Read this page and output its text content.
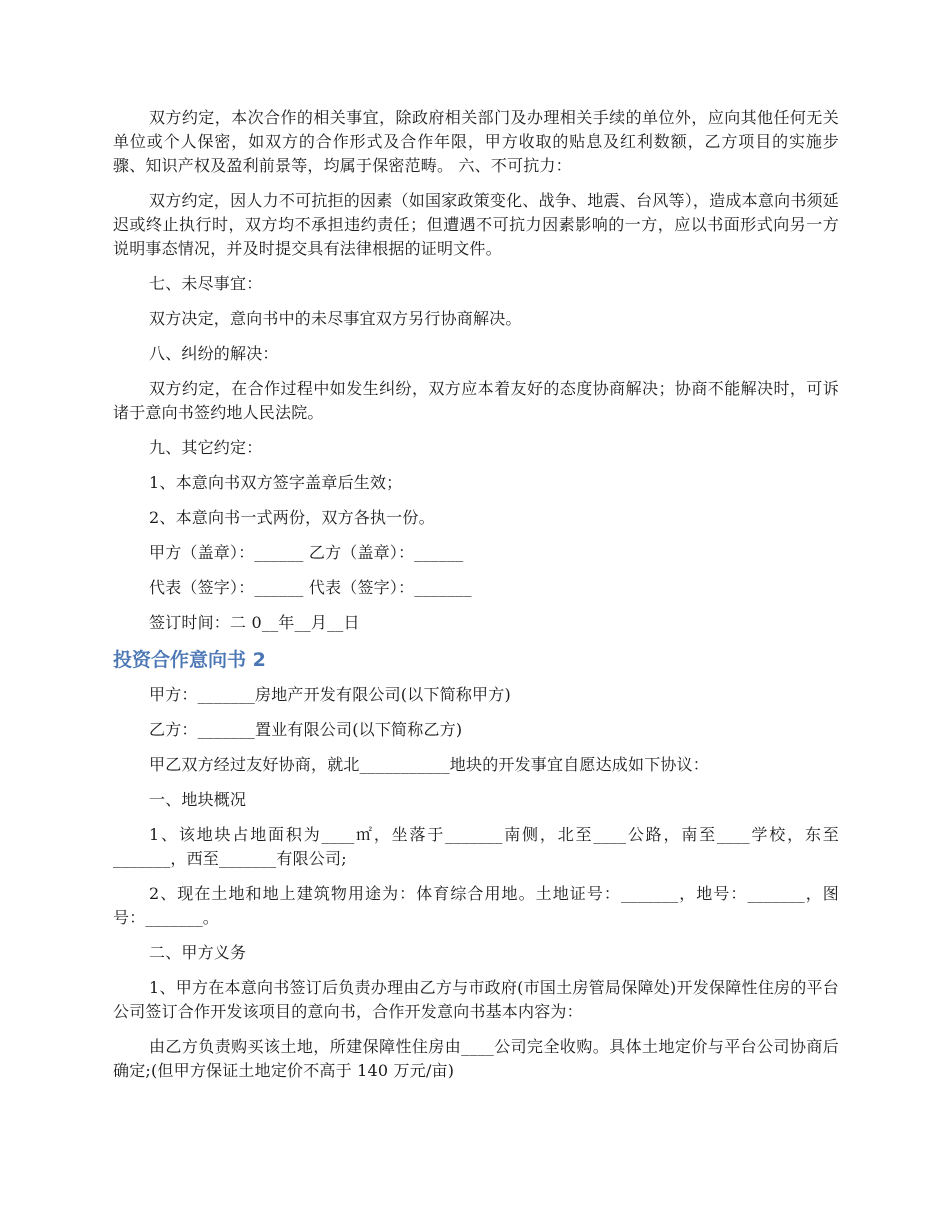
双方约定，本次合作的相关事宜，除政府相关部门及办理相关手续的单位外，应向其他任何无关单位或个人保密，如双方的合作形式及合作年限，甲方收取的贴息及红利数额，乙方项目的实施步骤、知识产权及盈利前景等，均属于保密范畴。 六、不可抗力：

双方约定，因人力不可抗拒的因素（如国家政策变化、战争、地震、台风等），造成本意向书须延迟或终止执行时，双方均不承担违约责任；但遭遇不可抗力因素影响的一方，应以书面形式向另一方说明事态情况，并及时提交具有法律根据的证明文件。

七、未尽事宜：

双方决定，意向书中的未尽事宜双方另行协商解决。

八、纠纷的解决：

双方约定，在合作过程中如发生纠纷，双方应本着友好的态度协商解决；协商不能解决时，可诉诸于意向书签约地人民法院。

九、其它约定：

1、本意向书双方签字盖章后生效；

2、本意向书一式两份，双方各执一份。

甲方（盖章）：______ 乙方（盖章）：______

代表（签字）：______ 代表（签字）：_______

签订时间：二 0__年__月__日

投资合作意向书 2

甲方：_______房地产开发有限公司(以下简称甲方)

乙方：_______置业有限公司(以下简称乙方)

甲乙双方经过友好协商，就北___________地块的开发事宜自愿达成如下协议：

一、地块概况

1、该地块占地面积为____㎡，坐落于_______南侧，北至____公路，南至____学校，东至_______，西至_______有限公司;

2、现在土地和地上建筑物用途为：体育综合用地。土地证号：_______，地号：_______，图号：_______。

二、甲方义务

1、甲方在本意向书签订后负责办理由乙方与市政府(市国土房管局保障处)开发保障性住房的平台公司签订合作开发该项目的意向书，合作开发意向书基本内容为：

由乙方负责购买该土地，所建保障性住房由____公司完全收购。具体土地定价与平台公司协商后确定;(但甲方保证土地定价不高于 140 万元/亩)
